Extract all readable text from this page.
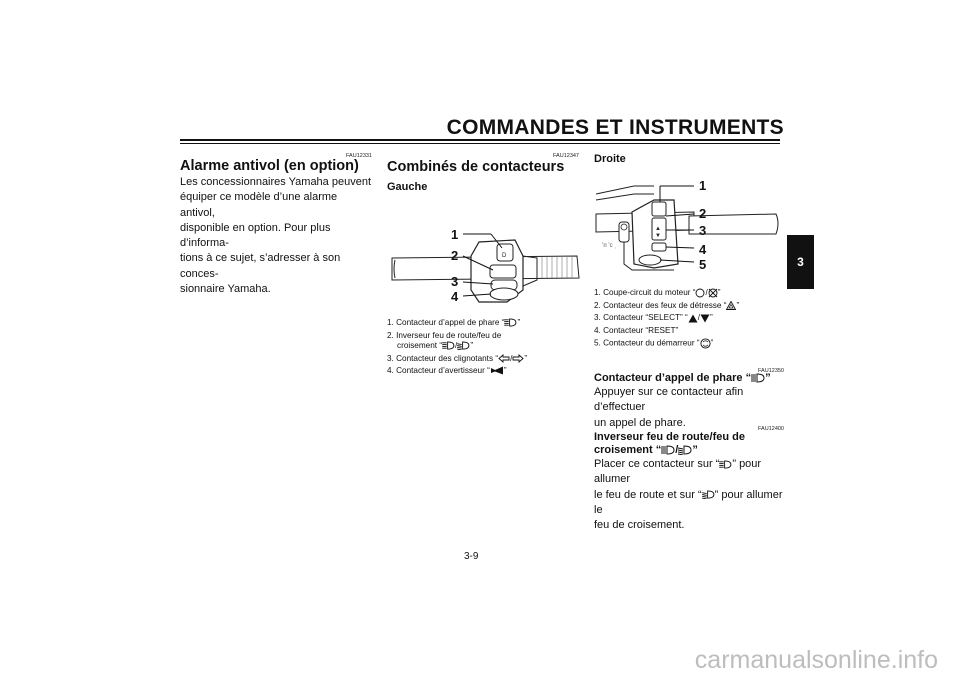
COMMANDES ET INSTRUMENTS
3
FAU12331
Alarme antivol (en option)
Les concessionnaires Yamaha peuvent
équiper ce modèle d’une alarme antivol,
disponible en option. Pour plus d’informa-
tions à ce sujet, s’adresser à son conces-
sionnaire Yamaha.
FAU12347
Combinés de contacteurs
Gauche
D
1
2
3
4
1. Contacteur d’appel de phare “ ”
2. Inverseur feu de route/feu de
croisement “ / ”
3. Contacteur des clignotants “ / ”
4. Contacteur d’avertisseur “ ”
Droite
ʻn ʻc ˌ
▲
▼
1
2
3
4
5
1. Coupe-circuit du moteur “ / ”
2. Contacteur des feux de détresse “ ”
3. Contacteur “SELECT” “ / ”
4. Contacteur “RESET”
5. Contacteur du démarreur “ ”
FAU12350
Contacteur d’appel de phare “ ”
Appuyer sur ce contacteur afin d’effectuer
un appel de phare.
FAU12400
Inverseur feu de route/feu de
croisement “ / ”
Placer ce contacteur sur “ ” pour allumer
le feu de route et sur “ ” pour allumer le
feu de croisement.
3-9
carmanualsonline.info
